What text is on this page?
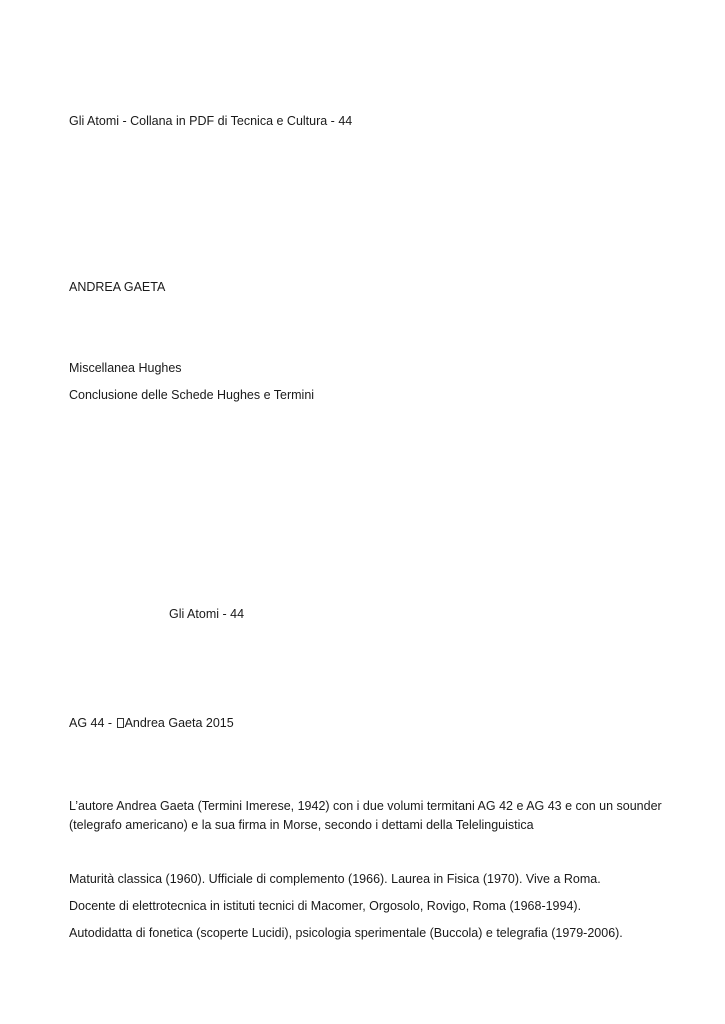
Gli Atomi - Collana in PDF di Tecnica e Cultura - 44
ANDREA GAETA
Miscellanea Hughes
Conclusione delle Schede Hughes e Termini
Gli Atomi - 44
AG 44 - Andrea Gaeta 2015
L’autore Andrea Gaeta (Termini Imerese, 1942) con i due volumi termitani AG 42 e AG 43 e con un sounder (telegrafo americano) e la sua firma in Morse, secondo i dettami della Telelinguistica
Maturità classica (1960). Ufficiale di complemento (1966). Laurea in Fisica (1970). Vive a Roma.
Docente di elettrotecnica in istituti tecnici di Macomer, Orgosolo, Rovigo, Roma (1968-1994).
Autodidatta di fonetica (scoperte Lucidi), psicologia sperimentale (Buccola) e telegrafia (1979-2006).
